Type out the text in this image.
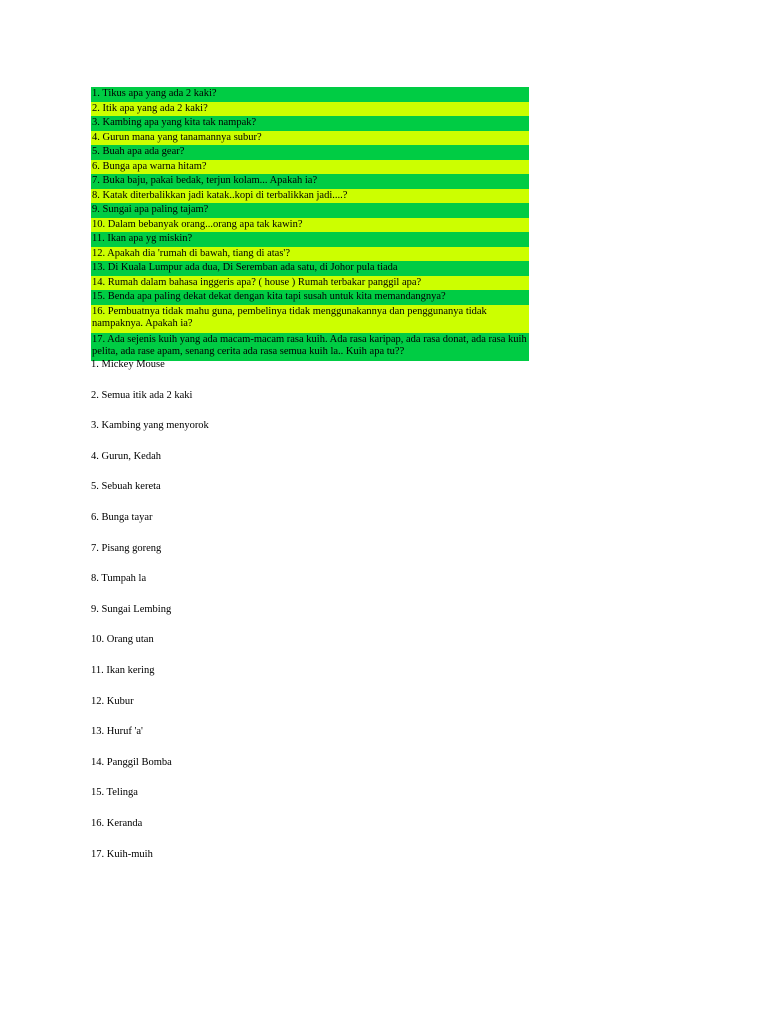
1. Tikus apa yang ada 2 kaki?
2. Itik apa yang ada 2 kaki?
3. Kambing apa yang kita tak nampak?
4. Gurun mana yang tanamannya subur?
5. Buah apa ada gear?
6. Bunga apa warna hitam?
7. Buka baju, pakai bedak, terjun kolam... Apakah ia?
8. Katak diterbalikkan jadi katak..kopi di terbalikkan jadi....?
9. Sungai apa paling tajam?
10. Dalam bebanyak orang...orang apa tak kawin?
11. Ikan apa yg miskin?
12. Apakah dia 'rumah di bawah, tiang di atas'?
13. Di Kuala Lumpur ada dua, Di Seremban ada satu, di Johor pula tiada
14. Rumah dalam bahasa inggeris apa? ( house ) Rumah terbakar panggil apa?
15. Benda apa paling dekat dekat dengan kita tapi susah untuk kita memandangnya?
16. Pembuatnya tidak mahu guna, pembelinya tidak menggunakannya dan penggunanya tidak nampaknya. Apakah ia?
17. Ada sejenis kuih yang ada macam-macam rasa kuih. Ada rasa karipap, ada rasa donat, ada rasa kuih pelita, ada rase apam, senang cerita ada rasa semua kuih la.. Kuih apa tu??
1. Mickey Mouse
2. Semua itik ada 2 kaki
3. Kambing yang menyorok
4. Gurun, Kedah
5. Sebuah kereta
6. Bunga tayar
7. Pisang goreng
8. Tumpah la
9. Sungai Lembing
10. Orang utan
11. Ikan kering
12. Kubur
13. Huruf 'a'
14. Panggil Bomba
15. Telinga
16. Keranda
17. Kuih-muih
